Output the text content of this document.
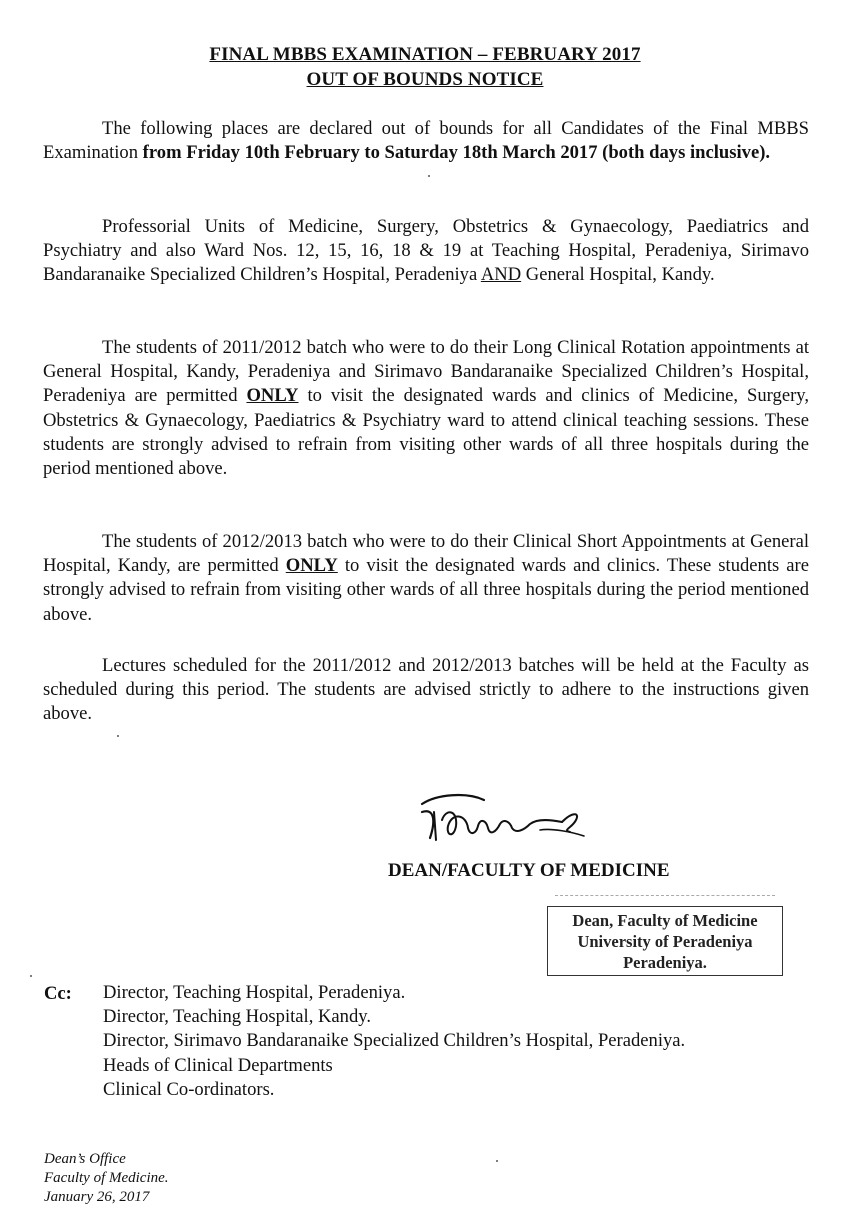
FINAL MBBS EXAMINATION – FEBRUARY 2017
OUT OF BOUNDS NOTICE
The following places are declared out of bounds for all Candidates of the Final MBBS Examination from Friday 10th February to Saturday 18th March 2017 (both days inclusive).
Professorial Units of Medicine, Surgery, Obstetrics & Gynaecology, Paediatrics and Psychiatry and also Ward Nos. 12, 15, 16, 18 & 19 at Teaching Hospital, Peradeniya, Sirimavo Bandaranaike Specialized Children’s Hospital, Peradeniya AND General Hospital, Kandy.
The students of 2011/2012 batch who were to do their Long Clinical Rotation appointments at General Hospital, Kandy, Peradeniya and Sirimavo Bandaranaike Specialized Children’s Hospital, Peradeniya are permitted ONLY to visit the designated wards and clinics of Medicine, Surgery, Obstetrics & Gynaecology, Paediatrics & Psychiatry ward to attend clinical teaching sessions. These students are strongly advised to refrain from visiting other wards of all three hospitals during the period mentioned above.
The students of 2012/2013 batch who were to do their Clinical Short Appointments at General Hospital, Kandy, are permitted ONLY to visit the designated wards and clinics. These students are strongly advised to refrain from visiting other wards of all three hospitals during the period mentioned above.
Lectures scheduled for the 2011/2012 and 2012/2013 batches will be held at the Faculty as scheduled during this period. The students are advised strictly to adhere to the instructions given above.
DEAN/FACULTY OF MEDICINE
Dean, Faculty of Medicine
University of Peradeniya
Peradeniya.
Cc: Director, Teaching Hospital, Peradeniya.
Director, Teaching Hospital, Kandy.
Director, Sirimavo Bandaranaike Specialized Children’s Hospital, Peradeniya.
Heads of Clinical Departments
Clinical Co-ordinators.
Dean’s Office
Faculty of Medicine.
January 26, 2017
